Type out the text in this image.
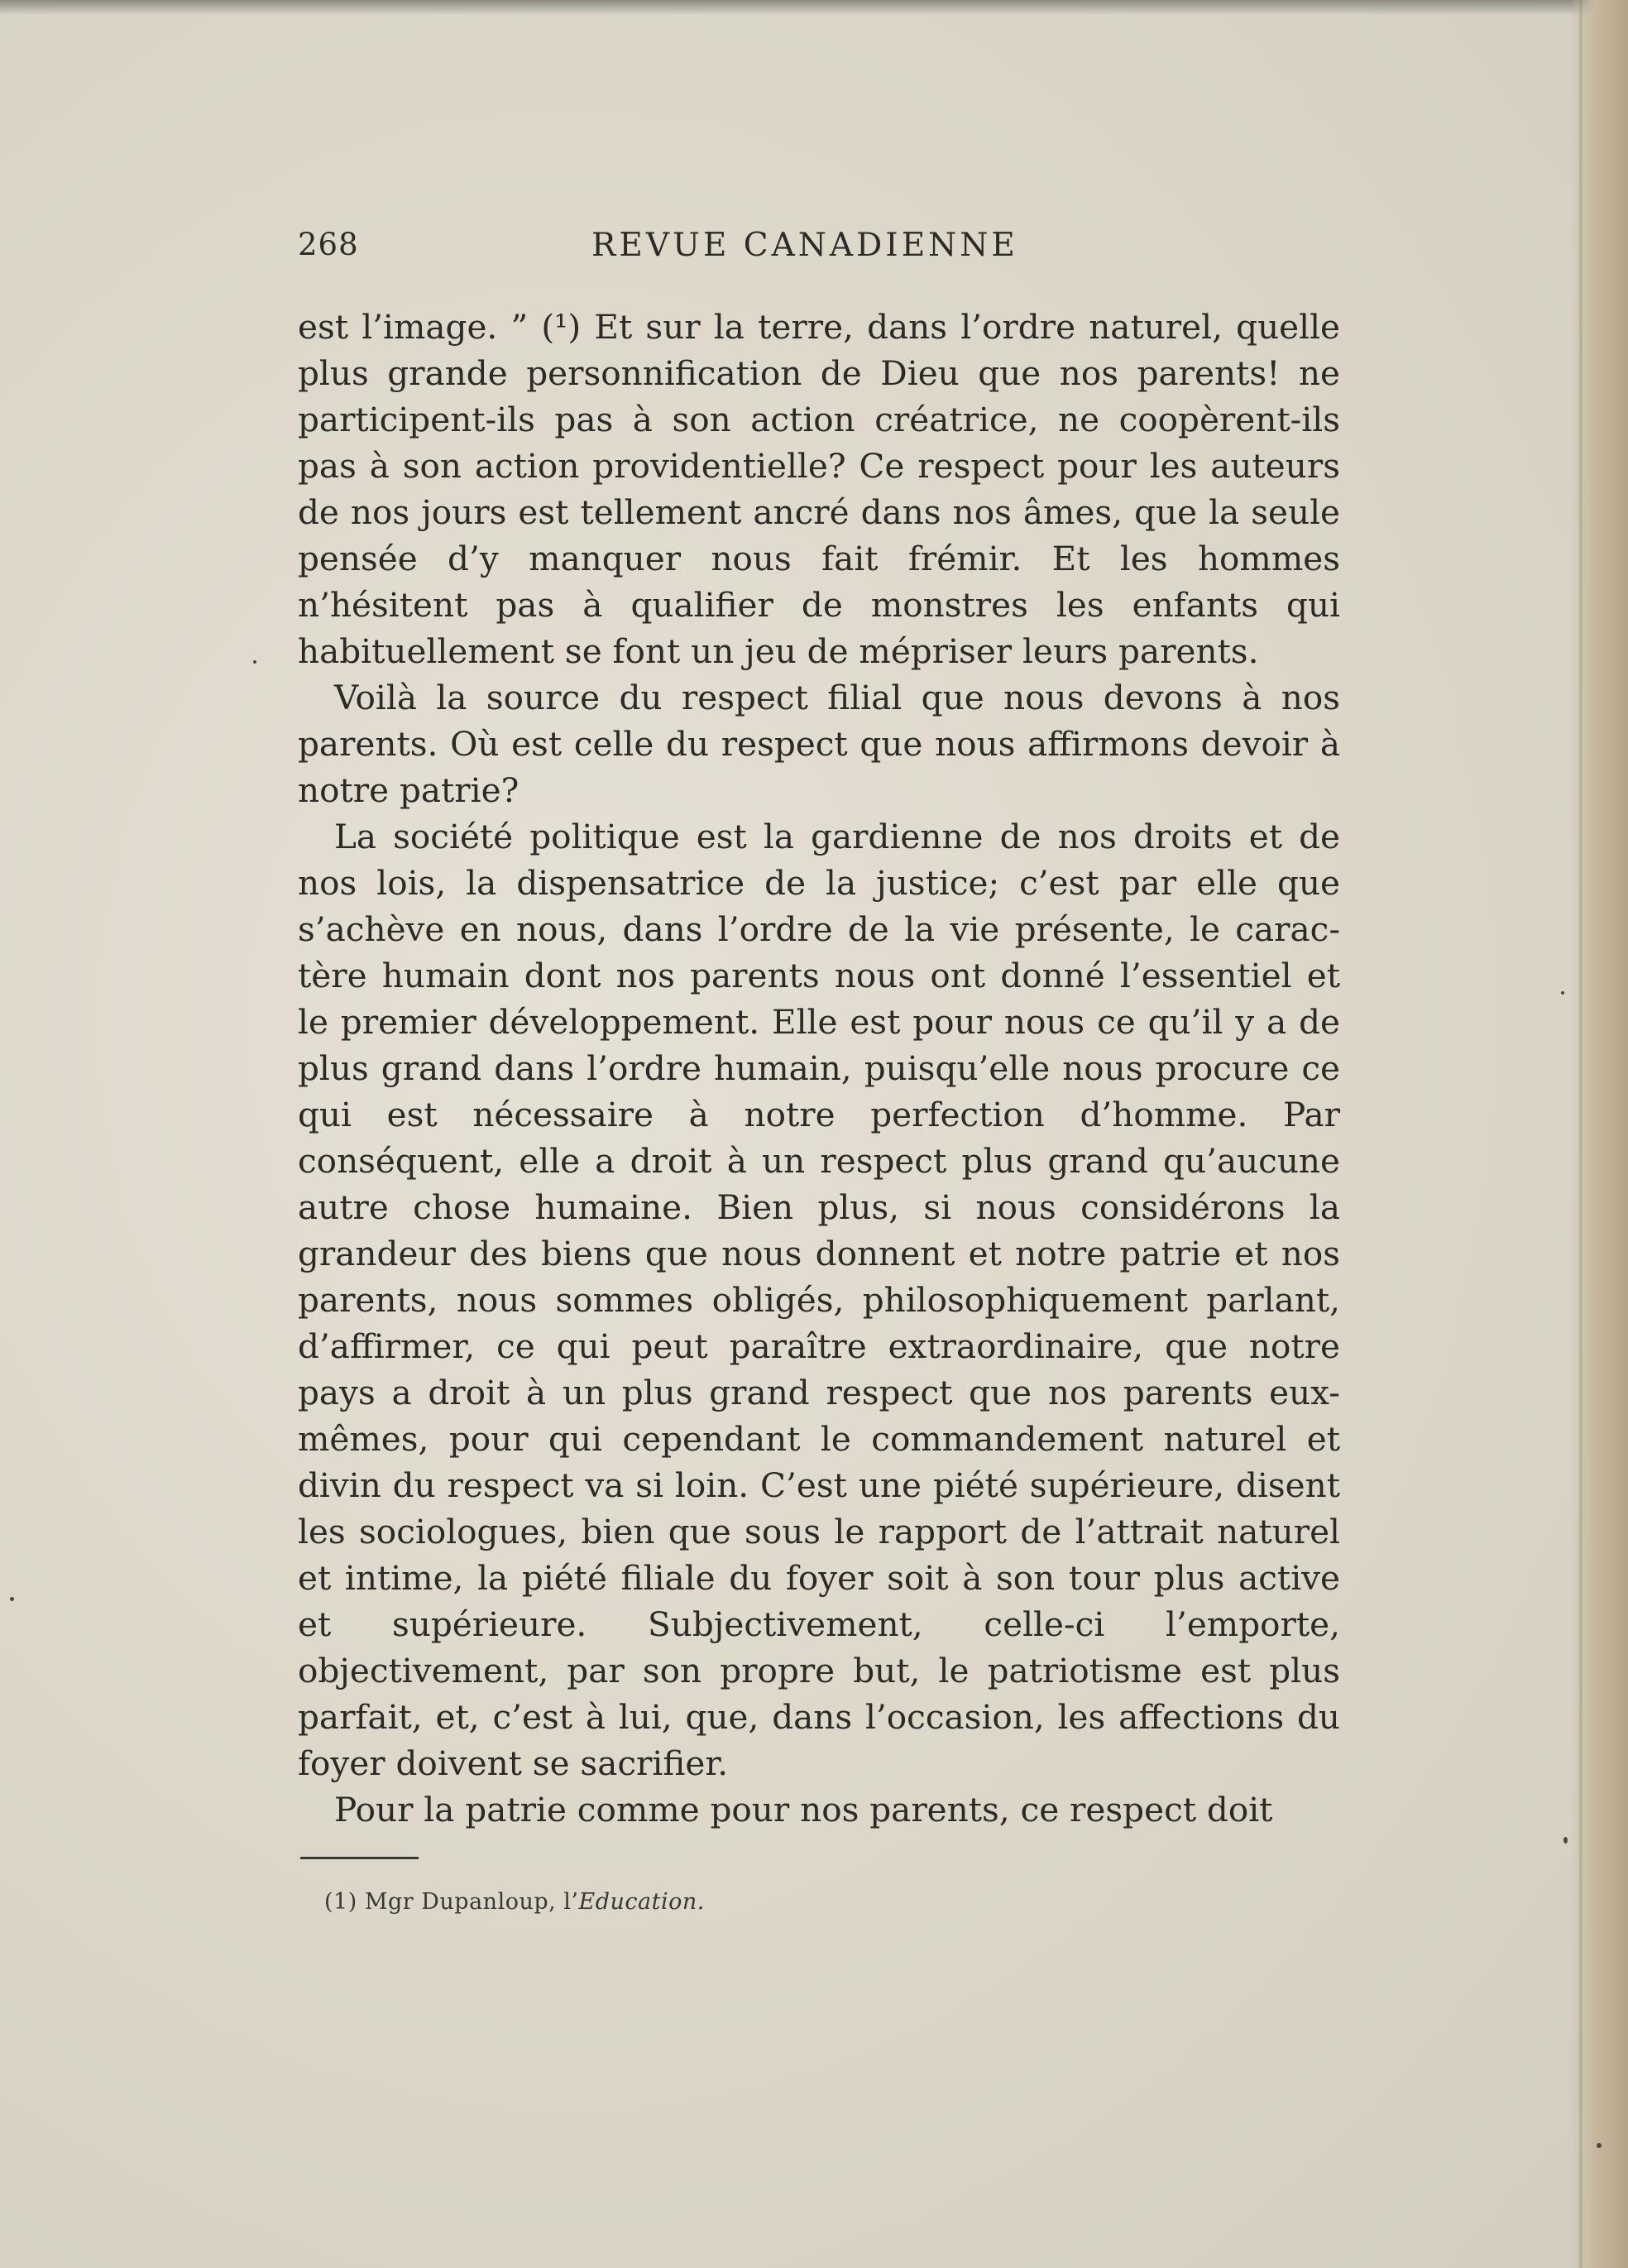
268	REVUE CANADIENNE

est l’image. ” (¹) Et sur la terre, dans l’ordre naturel, quelle plus grande personnification de Dieu que nos parents! ne participent-ils pas à son action créatrice, ne coopèrent-ils pas à son action providentielle? Ce respect pour les auteurs de nos jours est tellement ancré dans nos âmes, que la seule pensée d’y manquer nous fait frémir. Et les hommes n’hésitent pas à qualifier de monstres les enfants qui habituellement se font un jeu de mépriser leurs parents.

Voilà la source du respect filial que nous devons à nos parents. Où est celle du respect que nous affirmons devoir à notre patrie?

La société politique est la gardienne de nos droits et de nos lois, la dispensatrice de la justice; c’est par elle que s’achève en nous, dans l’ordre de la vie présente, le caractère humain dont nos parents nous ont donné l’essentiel et le premier développement. Elle est pour nous ce qu’il y a de plus grand dans l’ordre humain, puisqu’elle nous procure ce qui est nécessaire à notre perfection d’homme. Par conséquent, elle a droit à un respect plus grand qu’aucune autre chose humaine. Bien plus, si nous considérons la grandeur des biens que nous donnent et notre patrie et nos parents, nous sommes obligés, philosophiquement parlant, d’affirmer, ce qui peut paraître extraordinaire, que notre pays a droit à un plus grand respect que nos parents eux-mêmes, pour qui cependant le commandement naturel et divin du respect va si loin. C’est une piété supérieure, disent les sociologues, bien que sous le rapport de l’attrait naturel et intime, la piété filiale du foyer soit à son tour plus active et supérieure. Subjectivement, celle-ci l’emporte, objectivement, par son propre but, le patriotisme est plus parfait, et, c’est à lui, que, dans l’occasion, les affections du foyer doivent se sacrifier.

Pour la patrie comme pour nos parents, ce respect doit

(1) Mgr Dupanloup, l’Education.
